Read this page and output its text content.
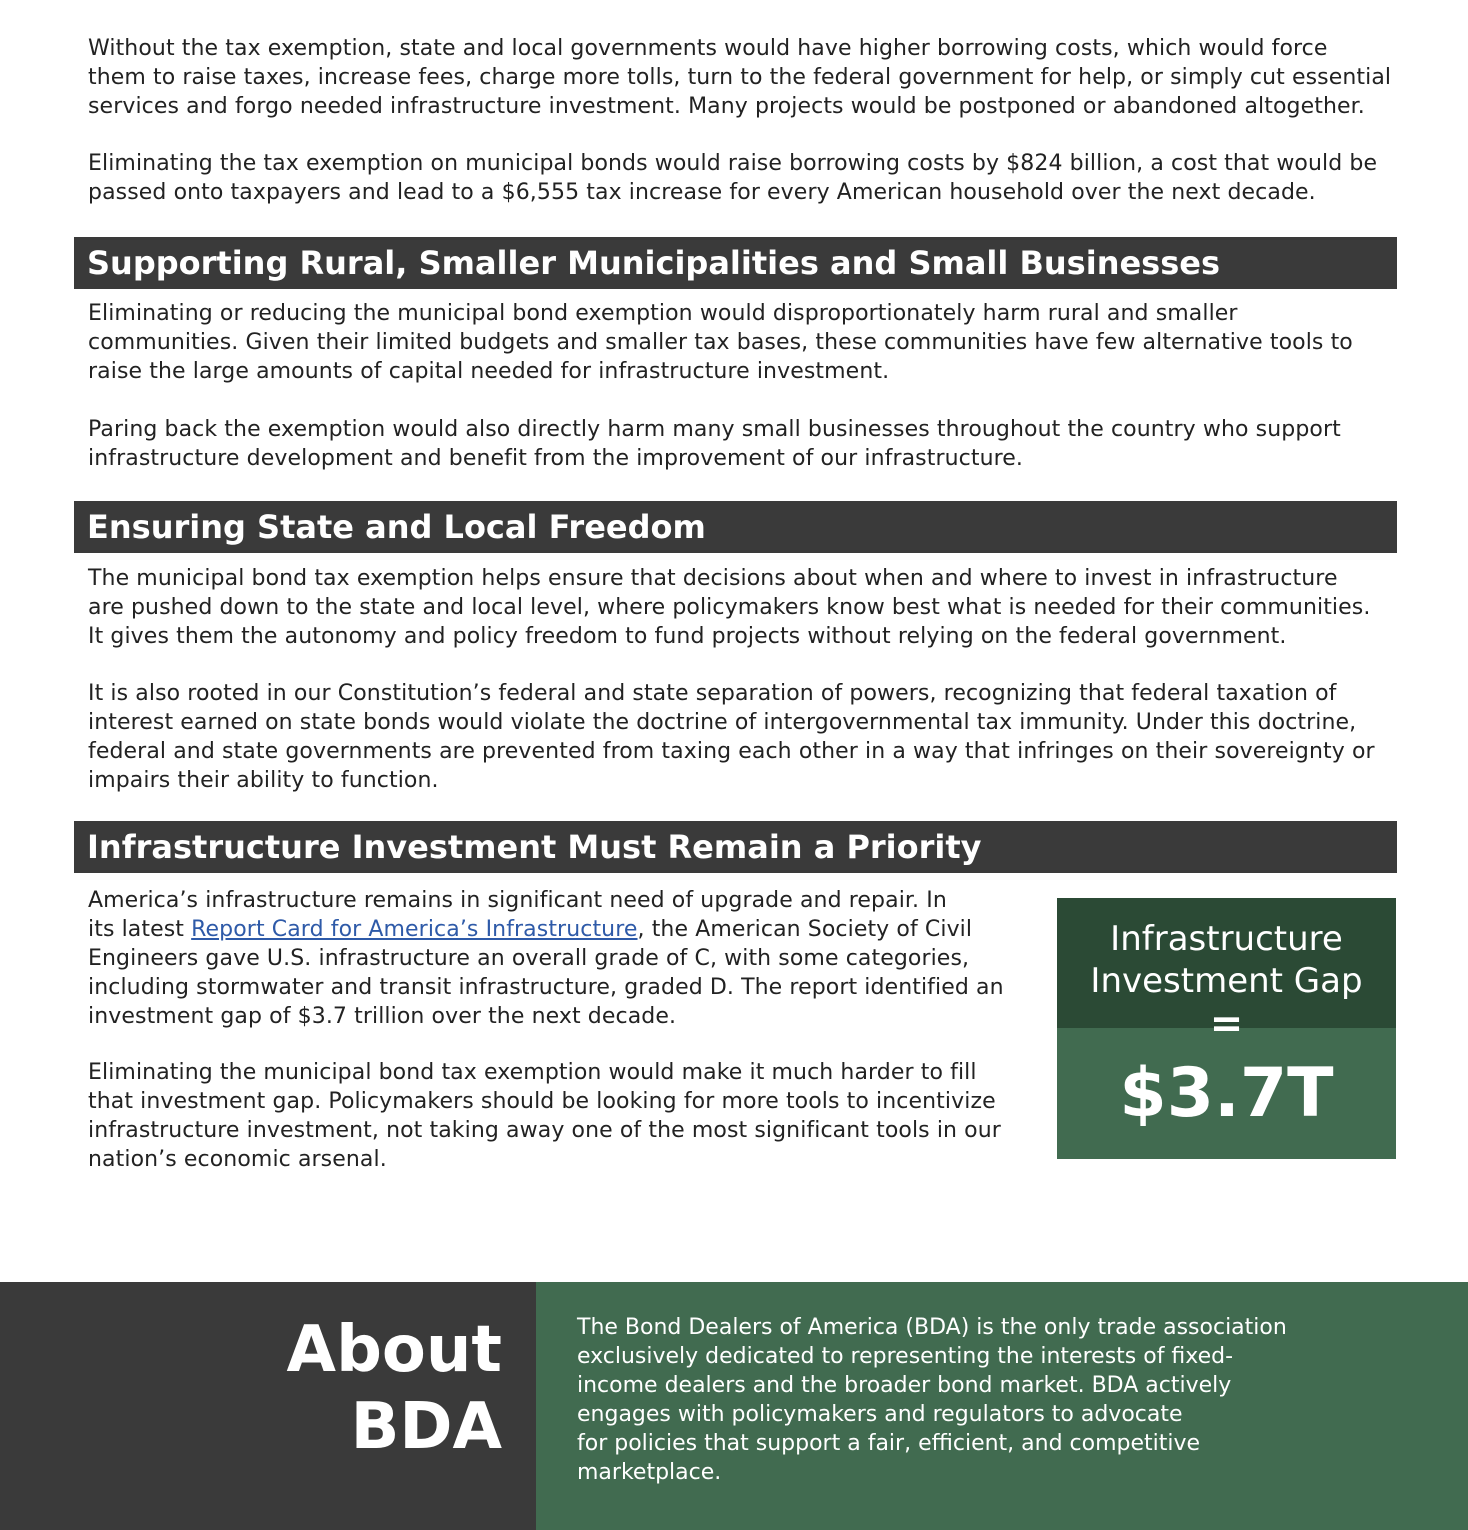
Without the tax exemption, state and local governments would have higher borrowing costs, which would force
them to raise taxes, increase fees, charge more tolls, turn to the federal government for help, or simply cut essential
services and forgo needed infrastructure investment. Many projects would be postponed or abandoned altogether.

Eliminating the tax exemption on municipal bonds would raise borrowing costs by $824 billion, a cost that would be
passed onto taxpayers and lead to a $6,555 tax increase for every American household over the next decade.

Supporting Rural, Smaller Municipalities and Small Businesses

Eliminating or reducing the municipal bond exemption would disproportionately harm rural and smaller
communities. Given their limited budgets and smaller tax bases, these communities have few alternative tools to
raise the large amounts of capital needed for infrastructure investment.

Paring back the exemption would also directly harm many small businesses throughout the country who support
infrastructure development and benefit from the improvement of our infrastructure.

Ensuring State and Local Freedom

The municipal bond tax exemption helps ensure that decisions about when and where to invest in infrastructure
are pushed down to the state and local level, where policymakers know best what is needed for their communities.
It gives them the autonomy and policy freedom to fund projects without relying on the federal government.

It is also rooted in our Constitution’s federal and state separation of powers, recognizing that federal taxation of
interest earned on state bonds would violate the doctrine of intergovernmental tax immunity. Under this doctrine,
federal and state governments are prevented from taxing each other in a way that infringes on their sovereignty or
impairs their ability to function.

Infrastructure Investment Must Remain a Priority

America’s infrastructure remains in significant need of upgrade and repair. In
its latest Report Card for America’s Infrastructure, the American Society of Civil
Engineers gave U.S. infrastructure an overall grade of C, with some categories,
including stormwater and transit infrastructure, graded D. The report identified an
investment gap of $3.7 trillion over the next decade.

Eliminating the municipal bond tax exemption would make it much harder to fill
that investment gap. Policymakers should be looking for more tools to incentivize
infrastructure investment, not taking away one of the most significant tools in our
nation’s economic arsenal.

Infrastructure
Investment Gap
=
$3.7T
About
BDA

The Bond Dealers of America (BDA) is the only trade association
exclusively dedicated to representing the interests of fixed-
income dealers and the broader bond market. BDA actively
engages with policymakers and regulators to advocate
for policies that support a fair, efficient, and competitive
marketplace.
